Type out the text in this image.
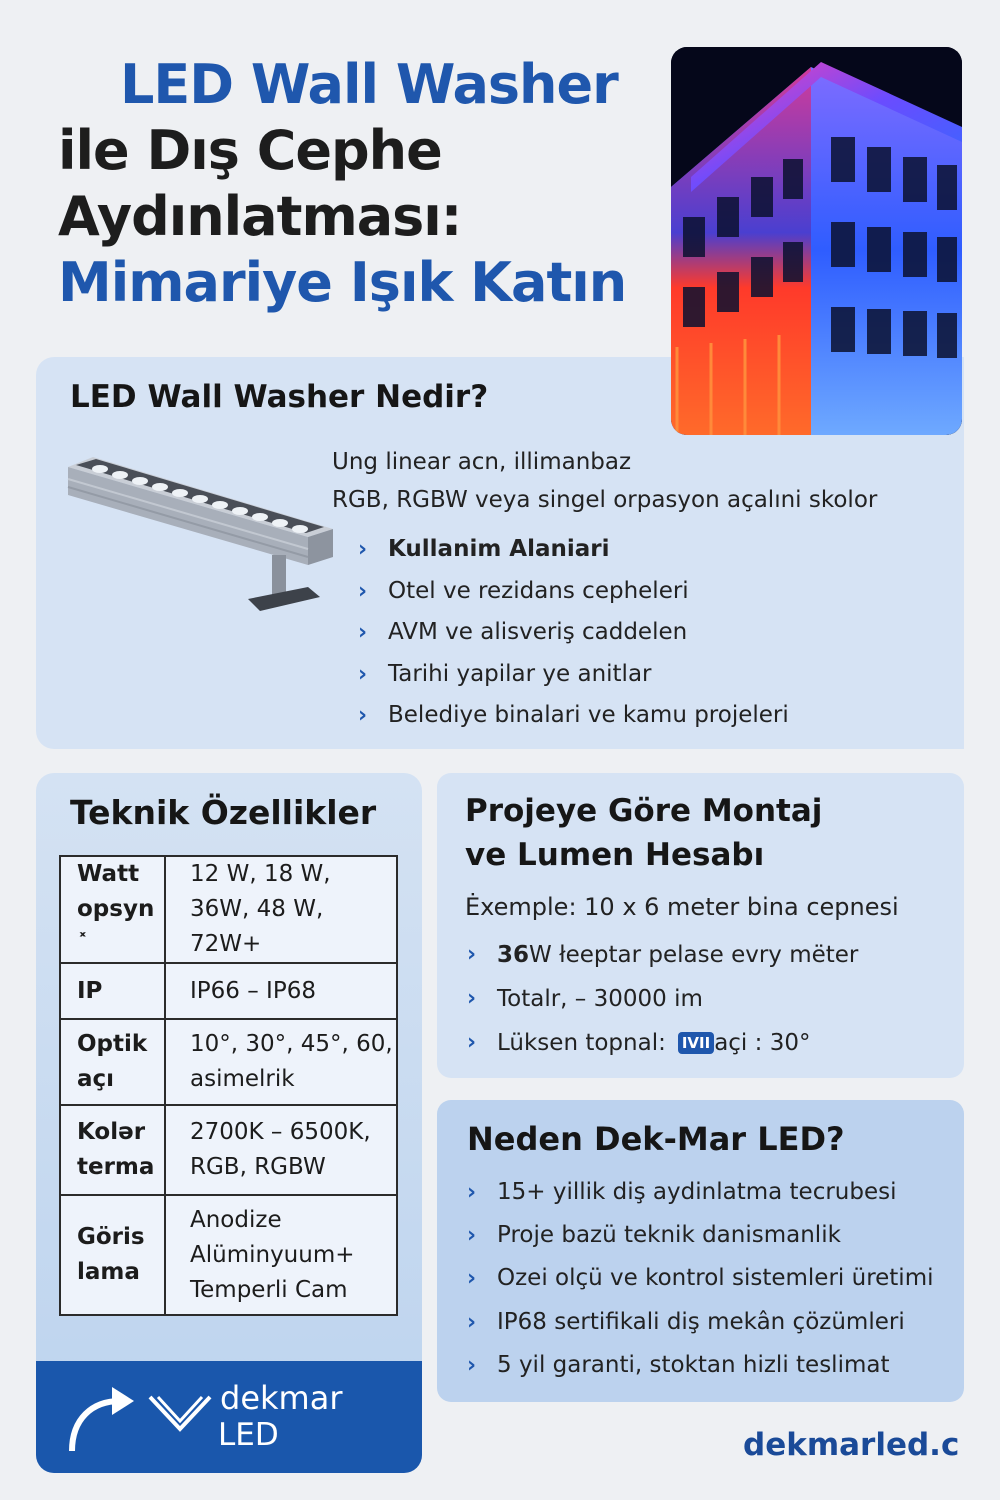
LED Wall Washer
ile Dış Cephe
Aydınlatması:
Mimariye Işık Katın
LED Wall Washer Nedir?
Ung linear acn, illimanbaz
RGB, RGBW veya singel orpasyon açalıni skolor
› Kullanim Alaniari
› Otel ve rezidans cepheleri
› AVM ve alisveriş caddelen
› Tarihi yapilar ye anitlar
› Belediye binalari ve kamu projeleri
Teknik Özellikler
Watt opsyn˟	12 W, 18 W, 36W, 48 W, 72W+
IP	IP66 – IP68
Optik açı	10°, 30°, 45°, 60, asimelrik
Kolər terma	2700K – 6500K, RGB, RGBW
Göris lama	Anodize Alüminyuum+ Temperli Cam
dekmar
LED
Projeye Göre Montaj
ve Lumen Hesabı
Ėxemple: 10 x 6 meter bina cepnesi
› 36 W łeeptar pelase evry mëter
› Totalr, – 30000 im
› Lüksen topnal: IVII açi : 30°
Neden Dek-Mar LED?
› 15+ yillik diş aydinlatma tecrubesi
› Proje bazü teknik danismanlik
› Ozei olçü ve kontrol sistemleri üretimi
› IP68 sertifikali diş mekân çözümleri
› 5 yil garanti, stoktan hizli teslimat
dekmarled.c
